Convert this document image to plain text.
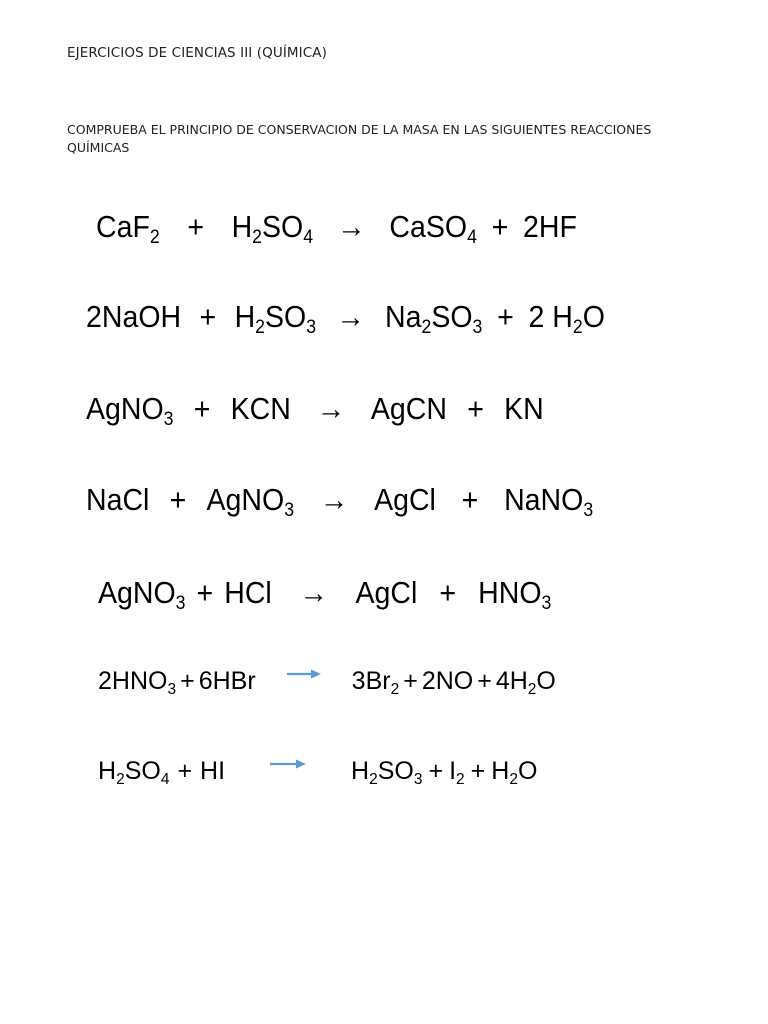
EJERCICIOS DE CIENCIAS III (QUÍMICA)

COMPRUEBA EL PRINCIPIO DE CONSERVACION DE LA MASA EN LAS SIGUIENTES REACCIONES QUÍMICAS

CaF2 + H2SO4 → CaSO4 + 2HF
2NaOH + H2SO3 → Na2SO3 + 2 H2O
AgNO3 + KCN → AgCN + KN
NaCl + AgNO3 → AgCl + NaNO3
AgNO3 + HCl → AgCl + HNO3
2HNO3 + 6HBr → 3Br2 + 2NO + 4H2O
H2SO4 + HI	H2SO3 + I2 + H2O
